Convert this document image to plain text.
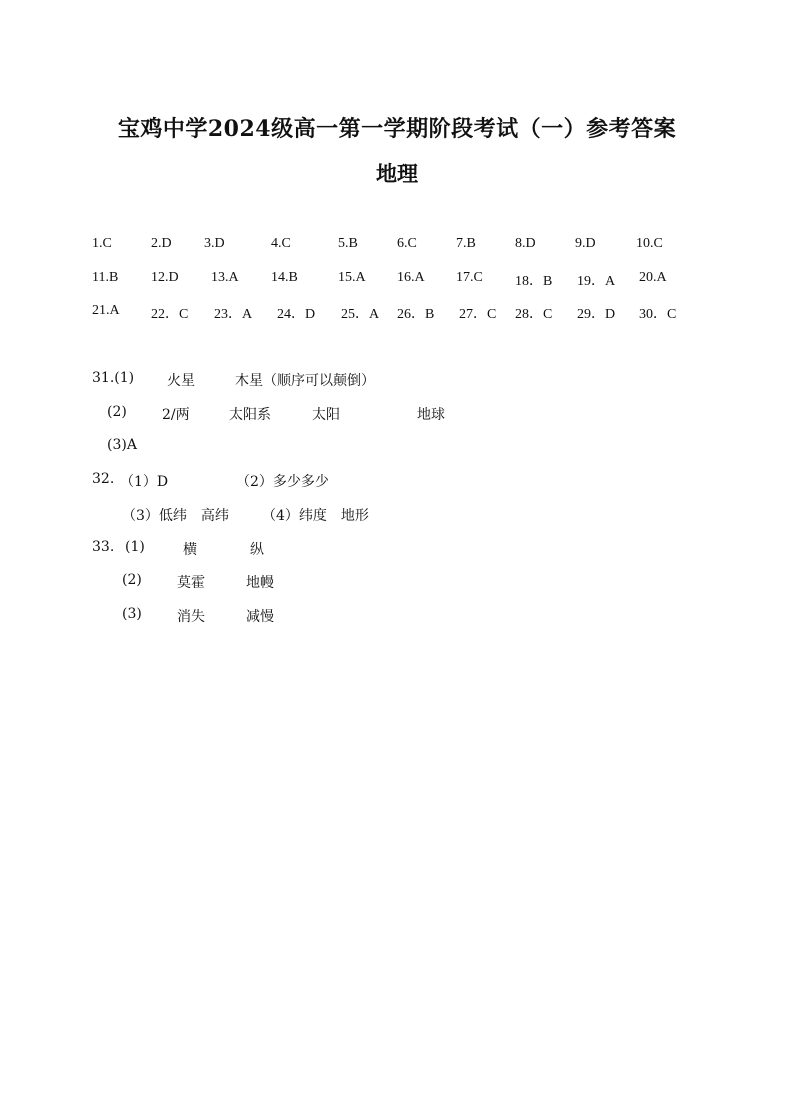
宝鸡中学2024级高一第一学期阶段考试（一）参考答案
地理
1.C	2.D 3.D	4.C	5.B	6.C	7.B	8.D	9.D	10.C
11.B 12.D 13.A 14.B	15.A 16.A 17.C 18．B 19．A 20.A
21.A 22．C 23．A 24．D 25．A 26．B 27．C 28．C 29．D 30．C
31.(1) 火星	木星（顺序可以颠倒）
(2)	2/两	太阳系	太阳	地球
(3)A
32. （1）D	（2）多少多少
（3）低纬　高纬 （4）纬度　地形
33. (1)	横	纵
(2)	莫霍	地幔
(3)	消失	减慢
